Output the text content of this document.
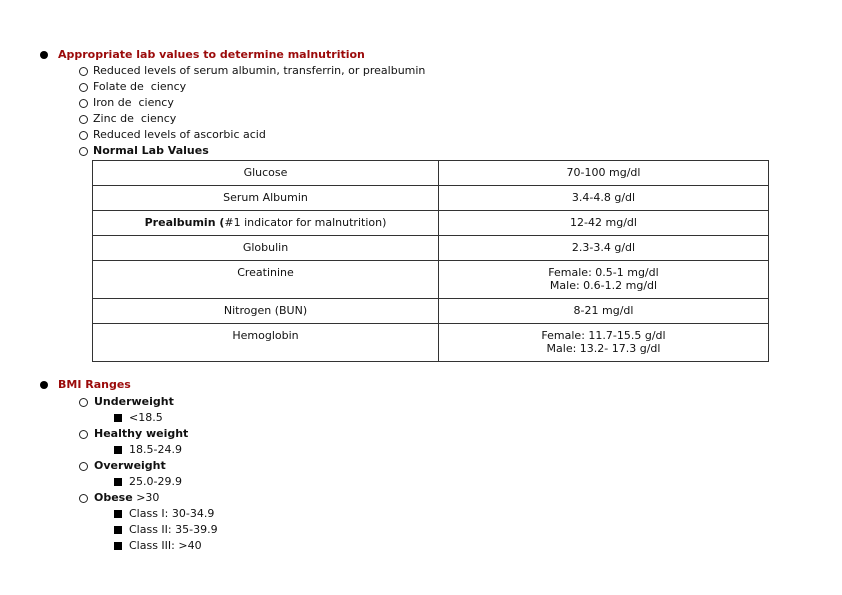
Appropriate lab values to determine malnutrition
Reduced levels of serum albumin, transferrin, or prealbumin
Folate de  ciency
Iron de  ciency
Zinc de  ciency
Reduced levels of ascorbic acid
Normal Lab Values
Glucose	70-100 mg/dl
Serum Albumin	3.4-4.8 g/dl
Prealbumin (#1 indicator for malnutrition)	12-42 mg/dl
Globulin	2.3-3.4 g/dl
Creatinine	Female: 0.5-1 mg/dl
Male: 0.6-1.2 mg/dl

Nitrogen (BUN)	8-21 mg/dl
Hemoglobin	Female: 11.7-15.5 g/dl
Male: 13.2- 17.3 g/dl
BMI Ranges
Underweight
<18.5
Healthy weight
18.5-24.9
Overweight
25.0-29.9
Obese >30
Class I: 30-34.9
Class II: 35-39.9
Class III: >40
